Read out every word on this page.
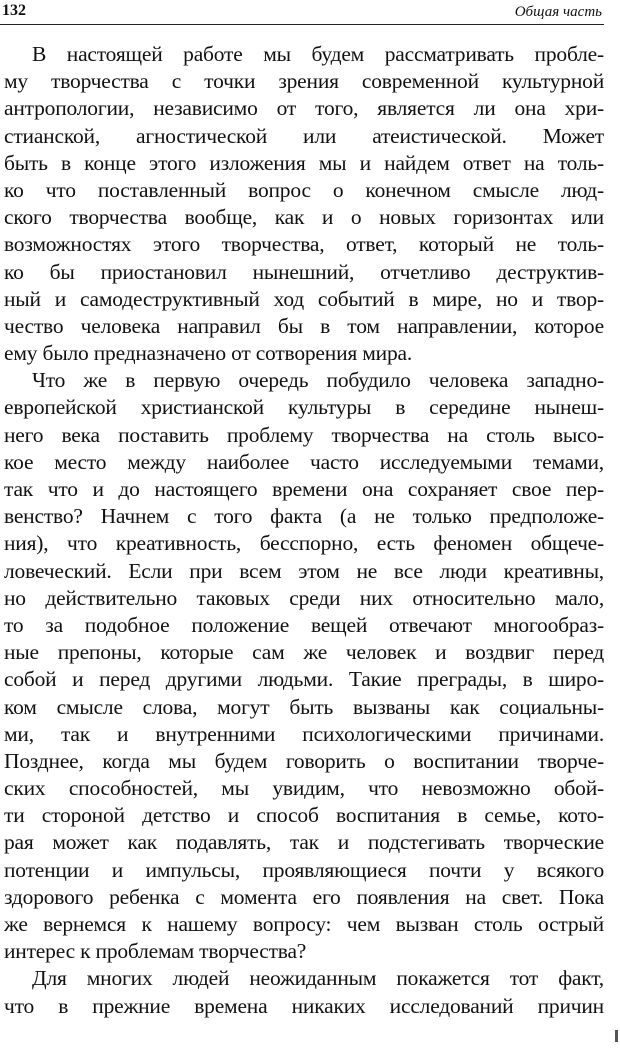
132	Общая часть
В настоящей работе мы будем рассматривать пробле-
му творчества с точки зрения современной культурной
антропологии, независимо от того, является ли она хри-
стианской, агностической или атеистической. Может
быть в конце этого изложения мы и найдем ответ на толь-
ко что поставленный вопрос о конечном смысле люд-
ского творчества вообще, как и о новых горизонтах или
возможностях этого творчества, ответ, который не толь-
ко бы приостановил нынешний, отчетливо деструктив-
ный и самодеструктивный ход событий в мире, но и твор-
чество человека направил бы в том направлении, которое
ему было предназначено от сотворения мира.
Что же в первую очередь побудило человека западно-
европейской христианской культуры в середине нынеш-
него века поставить проблему творчества на столь высо-
кое место между наиболее часто исследуемыми темами,
так что и до настоящего времени она сохраняет свое пер-
венство? Начнем с того факта (а не только предположе-
ния), что креативность, бесспорно, есть феномен общече-
ловеческий. Если при всем этом не все люди креативны,
но действительно таковых среди них относительно мало,
то за подобное положение вещей отвечают многообраз-
ные препоны, которые сам же человек и воздвиг перед
собой и перед другими людьми. Такие преграды, в широ-
ком смысле слова, могут быть вызваны как социальны-
ми, так и внутренними психологическими причинами.
Позднее, когда мы будем говорить о воспитании творче-
ских способностей, мы увидим, что невозможно обой-
ти стороной детство и способ воспитания в семье, кото-
рая может как подавлять, так и подстегивать творческие
потенции и импульсы, проявляющиеся почти у всякого
здорового ребенка с момента его появления на свет. Пока
же вернемся к нашему вопросу: чем вызван столь острый
интерес к проблемам творчества?
Для многих людей неожиданным покажется тот факт,
что в прежние времена никаких исследований причин
